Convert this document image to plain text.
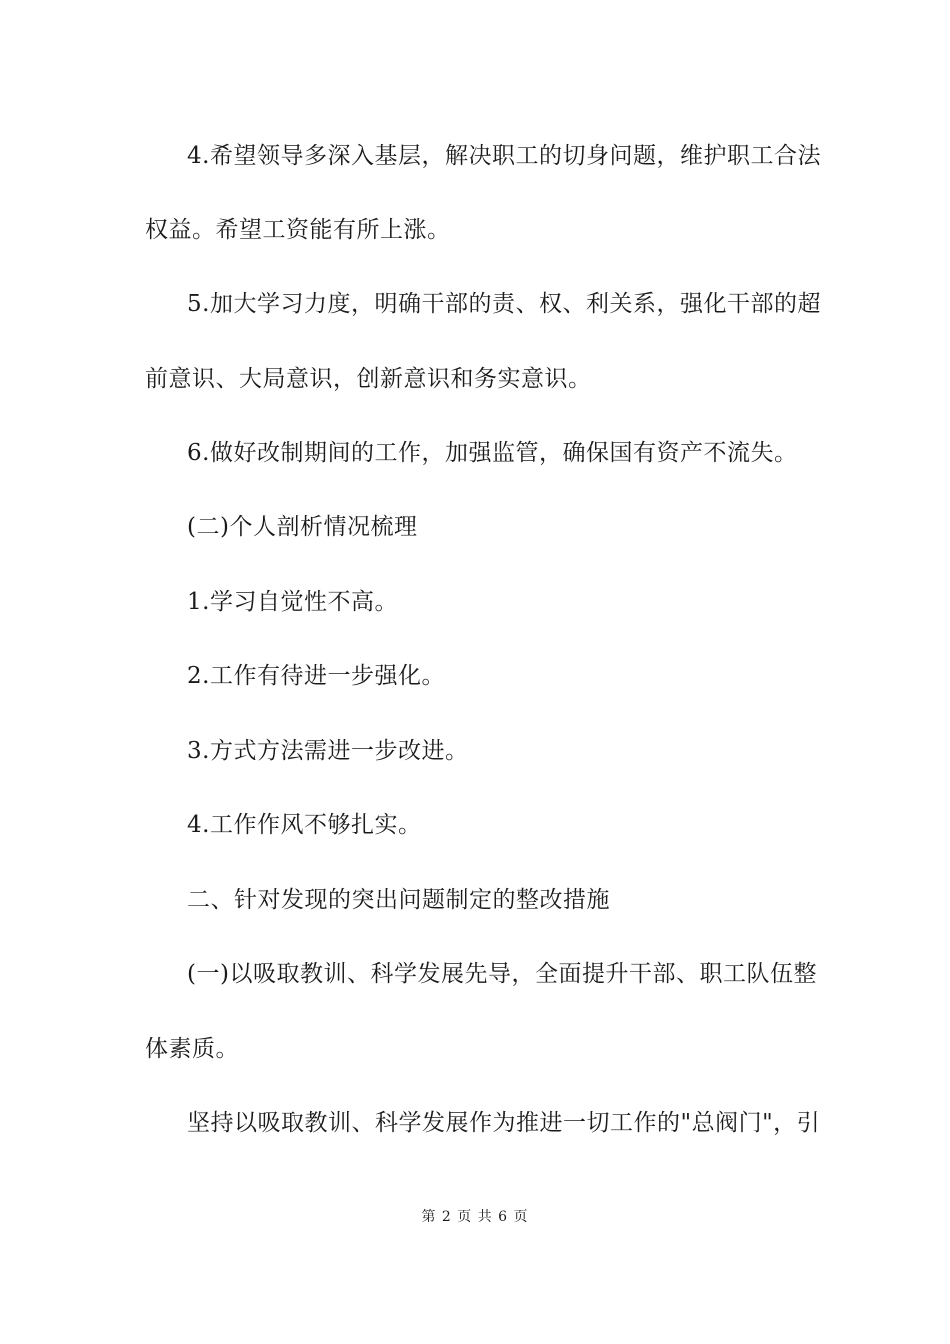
4.希望领导多深入基层，解决职工的切身问题，维护职工合法
权益。希望工资能有所上涨。
5.加大学习力度，明确干部的责、权、利关系，强化干部的超
前意识、大局意识，创新意识和务实意识。
6.做好改制期间的工作，加强监管，确保国有资产不流失。
(二)个人剖析情况梳理
1.学习自觉性不高。
2.工作有待进一步强化。
3.方式方法需进一步改进。
4.工作作风不够扎实。
二、针对发现的突出问题制定的整改措施
(一)以吸取教训、科学发展先导，全面提升干部、职工队伍整
体素质。
坚持以吸取教训、科学发展作为推进一切工作的"总阀门"，引
第 2 页 共 6 页
